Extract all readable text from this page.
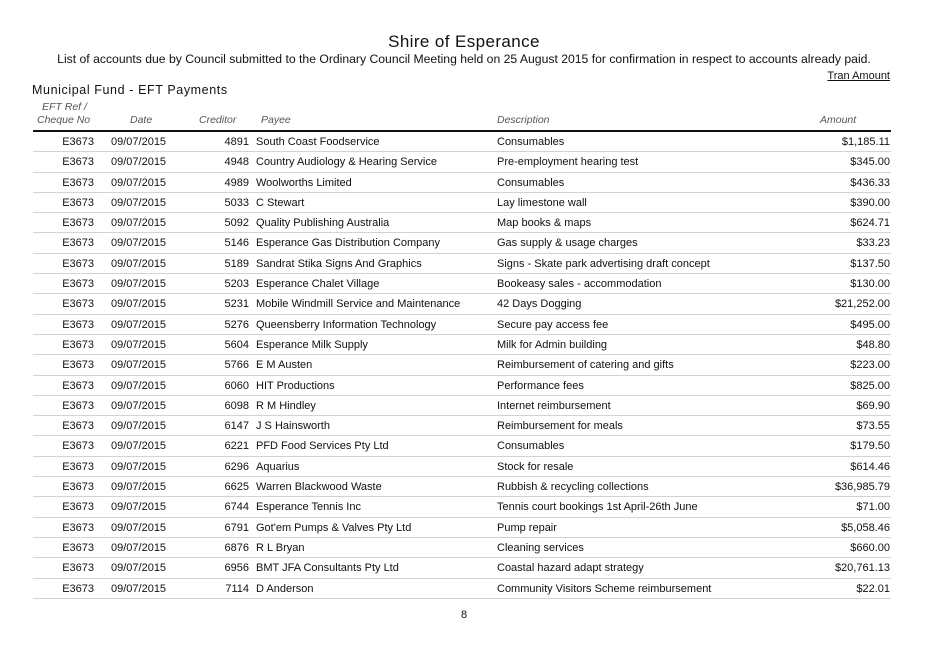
Shire of Esperance
List of accounts due by Council submitted to the Ordinary Council Meeting held on 25 August 2015 for confirmation in respect to accounts already paid.
Tran Amount
Municipal Fund - EFT Payments
EFT Ref /
Cheque No	Date	Creditor Payee	Description	Amount
E3673 09/07/2015	4891 South Coast Foodservice	Consumables	$1,185.11
E3673 09/07/2015	4948 Country Audiology & Hearing Service	Pre-employment hearing test	$345.00
E3673 09/07/2015	4989 Woolworths Limited	Consumables	$436.33
E3673 09/07/2015	5033 C Stewart	Lay limestone wall	$390.00
E3673 09/07/2015	5092 Quality Publishing Australia	Map books & maps	$624.71
E3673 09/07/2015	5146 Esperance Gas Distribution Company	Gas supply & usage charges	$33.23
E3673 09/07/2015	5189 Sandrat Stika Signs And Graphics	Signs - Skate park advertising draft concept	$137.50
E3673 09/07/2015	5203 Esperance Chalet Village	Bookeasy sales - accommodation	$130.00
E3673 09/07/2015	5231 Mobile Windmill Service and Maintenance	42 Days Dogging	$21,252.00
E3673 09/07/2015	5276 Queensberry Information Technology	Secure pay access fee	$495.00
E3673 09/07/2015	5604 Esperance Milk Supply	Milk for Admin building	$48.80
E3673 09/07/2015	5766 E M Austen	Reimbursement of catering and gifts	$223.00
E3673 09/07/2015	6060 HIT Productions	Performance fees	$825.00
E3673 09/07/2015	6098 R M Hindley	Internet reimbursement	$69.90
E3673 09/07/2015	6147 J S Hainsworth	Reimbursement for meals	$73.55
E3673 09/07/2015	6221 PFD Food Services Pty Ltd	Consumables	$179.50
E3673 09/07/2015	6296 Aquarius	Stock for resale	$614.46
E3673 09/07/2015	6625 Warren Blackwood Waste	Rubbish & recycling collections	$36,985.79
E3673 09/07/2015	6744 Esperance Tennis Inc	Tennis court bookings 1st April-26th June	$71.00
E3673 09/07/2015	6791 Got'em Pumps & Valves Pty Ltd	Pump repair	$5,058.46
E3673 09/07/2015	6876 R L Bryan	Cleaning services	$660.00
E3673 09/07/2015	6956 BMT JFA Consultants Pty Ltd	Coastal hazard adapt strategy	$20,761.13
E3673 09/07/2015	7114 D Anderson	Community Visitors Scheme reimbursement	$22.01
8
